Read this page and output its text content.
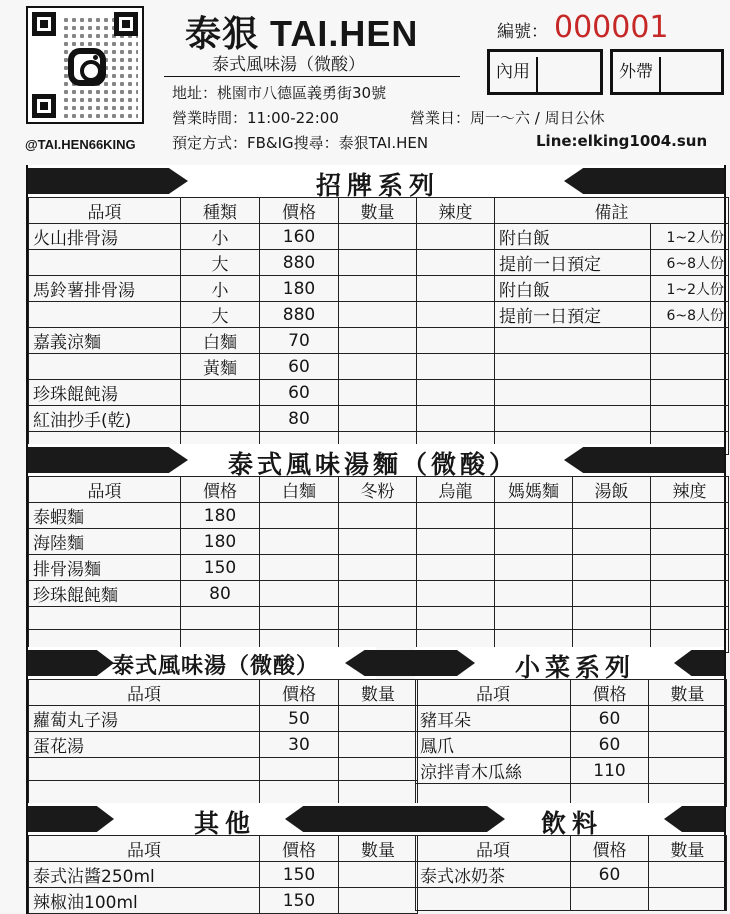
@TAI.HEN66KING
泰狠 TAI.HEN
泰式風味湯（微酸）
地址：桃園市八德區義勇街30號
營業時間：11:00-22:00	營業日：周一～六 / 周日公休
預定方式：FB&IG搜尋：泰狠TAI.HEN	Line:elking1004.sun
編號： 000001
內用	外帶
招牌系列
品項	種類	價格	數量	辣度	備註	
火山排骨湯	小	160			附白飯	1~2人份
	大	880			提前一日預定	6~8人份
馬鈴薯排骨湯	小	180			附白飯	1~2人份
	大	880			提前一日預定	6~8人份
嘉義涼麵	白麵	70				
	黃麵	60				
珍珠餛飩湯		60				
紅油抄手(乾)		80				

泰式風味湯麵（微酸）
品項	價格	白麵	冬粉	烏龍	媽媽麵	湯飯	辣度
泰蝦麵	180						
海陸麵	180						
排骨湯麵	150						
珍珠餛飩麵	80						

泰式風味湯（微酸）
品項	價格	數量
蘿蔔丸子湯	50	
蛋花湯	30	

小菜系列
品項	價格	數量
豬耳朵	60	
鳳爪	60	
涼拌青木瓜絲	110	

其他
品項	價格	數量
泰式沾醬250ml	150	
辣椒油100ml	150	
飲料
品項	價格	數量
泰式冰奶茶	60	
